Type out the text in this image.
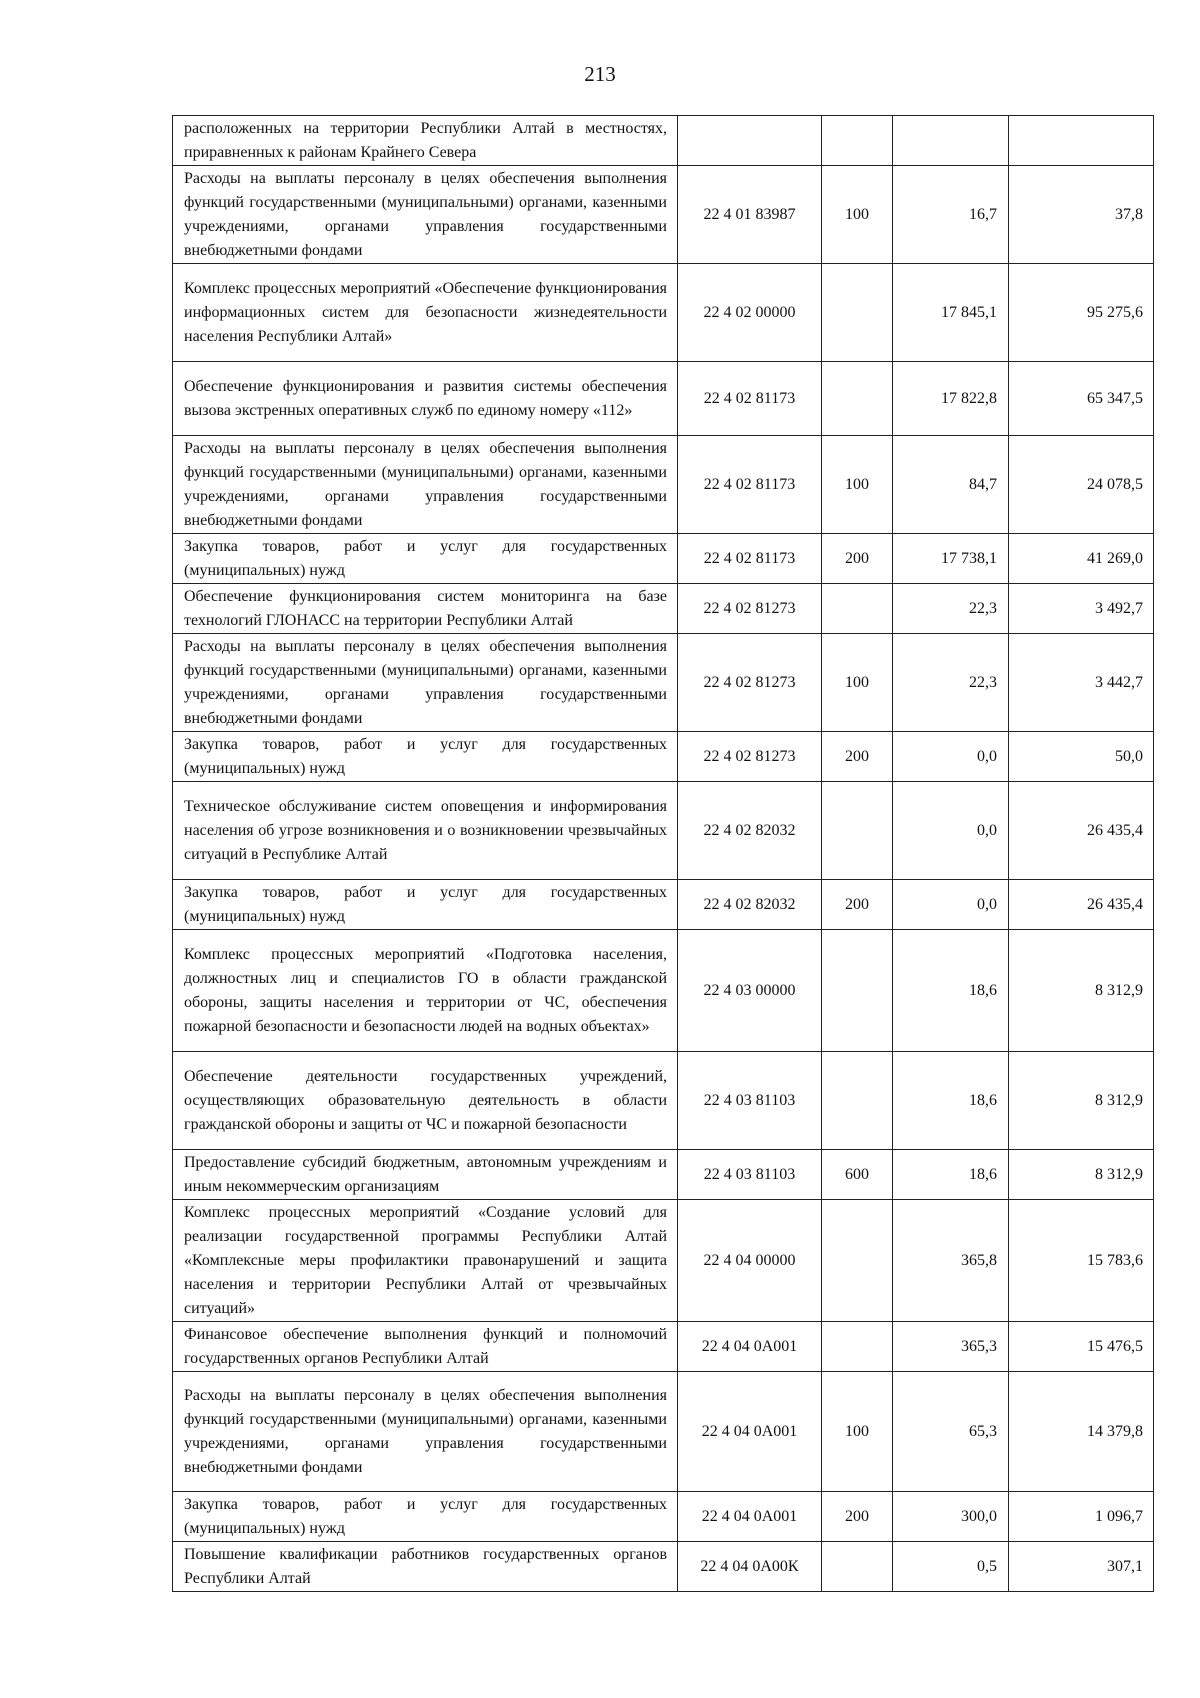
213
расположенных на территории Республики Алтай в местностях, приравненных к районам Крайнего Севера				
Расходы на выплаты персоналу в целях обеспечения выполнения функций государственными (муниципальными) органами, казенными учреждениями, органами управления государственными внебюджетными фондами	22 4 01 83987	100	16,7	37,8
Комплекс процессных мероприятий «Обеспечение функционирования информационных систем для безопасности жизнедеятельности населения Республики Алтай»	22 4 02 00000		17 845,1	95 275,6
Обеспечение функционирования и развития системы обеспечения вызова экстренных оперативных служб по единому номеру «112»	22 4 02 81173		17 822,8	65 347,5
Расходы на выплаты персоналу в целях обеспечения выполнения функций государственными (муниципальными) органами, казенными учреждениями, органами управления государственными внебюджетными фондами	22 4 02 81173	100	84,7	24 078,5
Закупка товаров, работ и услуг для государственных (муниципальных) нужд	22 4 02 81173	200	17 738,1	41 269,0
Обеспечение функционирования систем мониторинга на базе технологий ГЛОНАСС на территории Республики Алтай	22 4 02 81273		22,3	3 492,7
Расходы на выплаты персоналу в целях обеспечения выполнения функций государственными (муниципальными) органами, казенными учреждениями, органами управления государственными внебюджетными фондами	22 4 02 81273	100	22,3	3 442,7
Закупка товаров, работ и услуг для государственных (муниципальных) нужд	22 4 02 81273	200	0,0	50,0
Техническое обслуживание систем оповещения и информирования населения об угрозе возникновения и о возникновении чрезвычайных ситуаций в Республике Алтай	22 4 02 82032		0,0	26 435,4
Закупка товаров, работ и услуг для государственных (муниципальных) нужд	22 4 02 82032	200	0,0	26 435,4
Комплекс процессных мероприятий «Подготовка населения, должностных лиц и специалистов ГО в области гражданской обороны, защиты населения и территории от ЧС, обеспечения пожарной безопасности и безопасности людей на водных объектах»	22 4 03 00000		18,6	8 312,9
Обеспечение деятельности государственных учреждений, осуществляющих образовательную деятельность в области гражданской обороны и защиты от ЧС и пожарной безопасности	22 4 03 81103		18,6	8 312,9
Предоставление субсидий бюджетным, автономным учреждениям и иным некоммерческим организациям	22 4 03 81103	600	18,6	8 312,9
Комплекс процессных мероприятий «Создание условий для реализации государственной программы Республики Алтай «Комплексные меры профилактики правонарушений и защита населения и территории Республики Алтай от чрезвычайных ситуаций»	22 4 04 00000		365,8	15 783,6
Финансовое обеспечение выполнения функций и полномочий государственных органов Республики Алтай	22 4 04 0А001		365,3	15 476,5
Расходы на выплаты персоналу в целях обеспечения выполнения функций государственными (муниципальными) органами, казенными учреждениями, органами управления государственными внебюджетными фондами	22 4 04 0А001	100	65,3	14 379,8
Закупка товаров, работ и услуг для государственных (муниципальных) нужд	22 4 04 0А001	200	300,0	1 096,7
Повышение квалификации работников государственных органов Республики Алтай	22 4 04 0А00К		0,5	307,1
